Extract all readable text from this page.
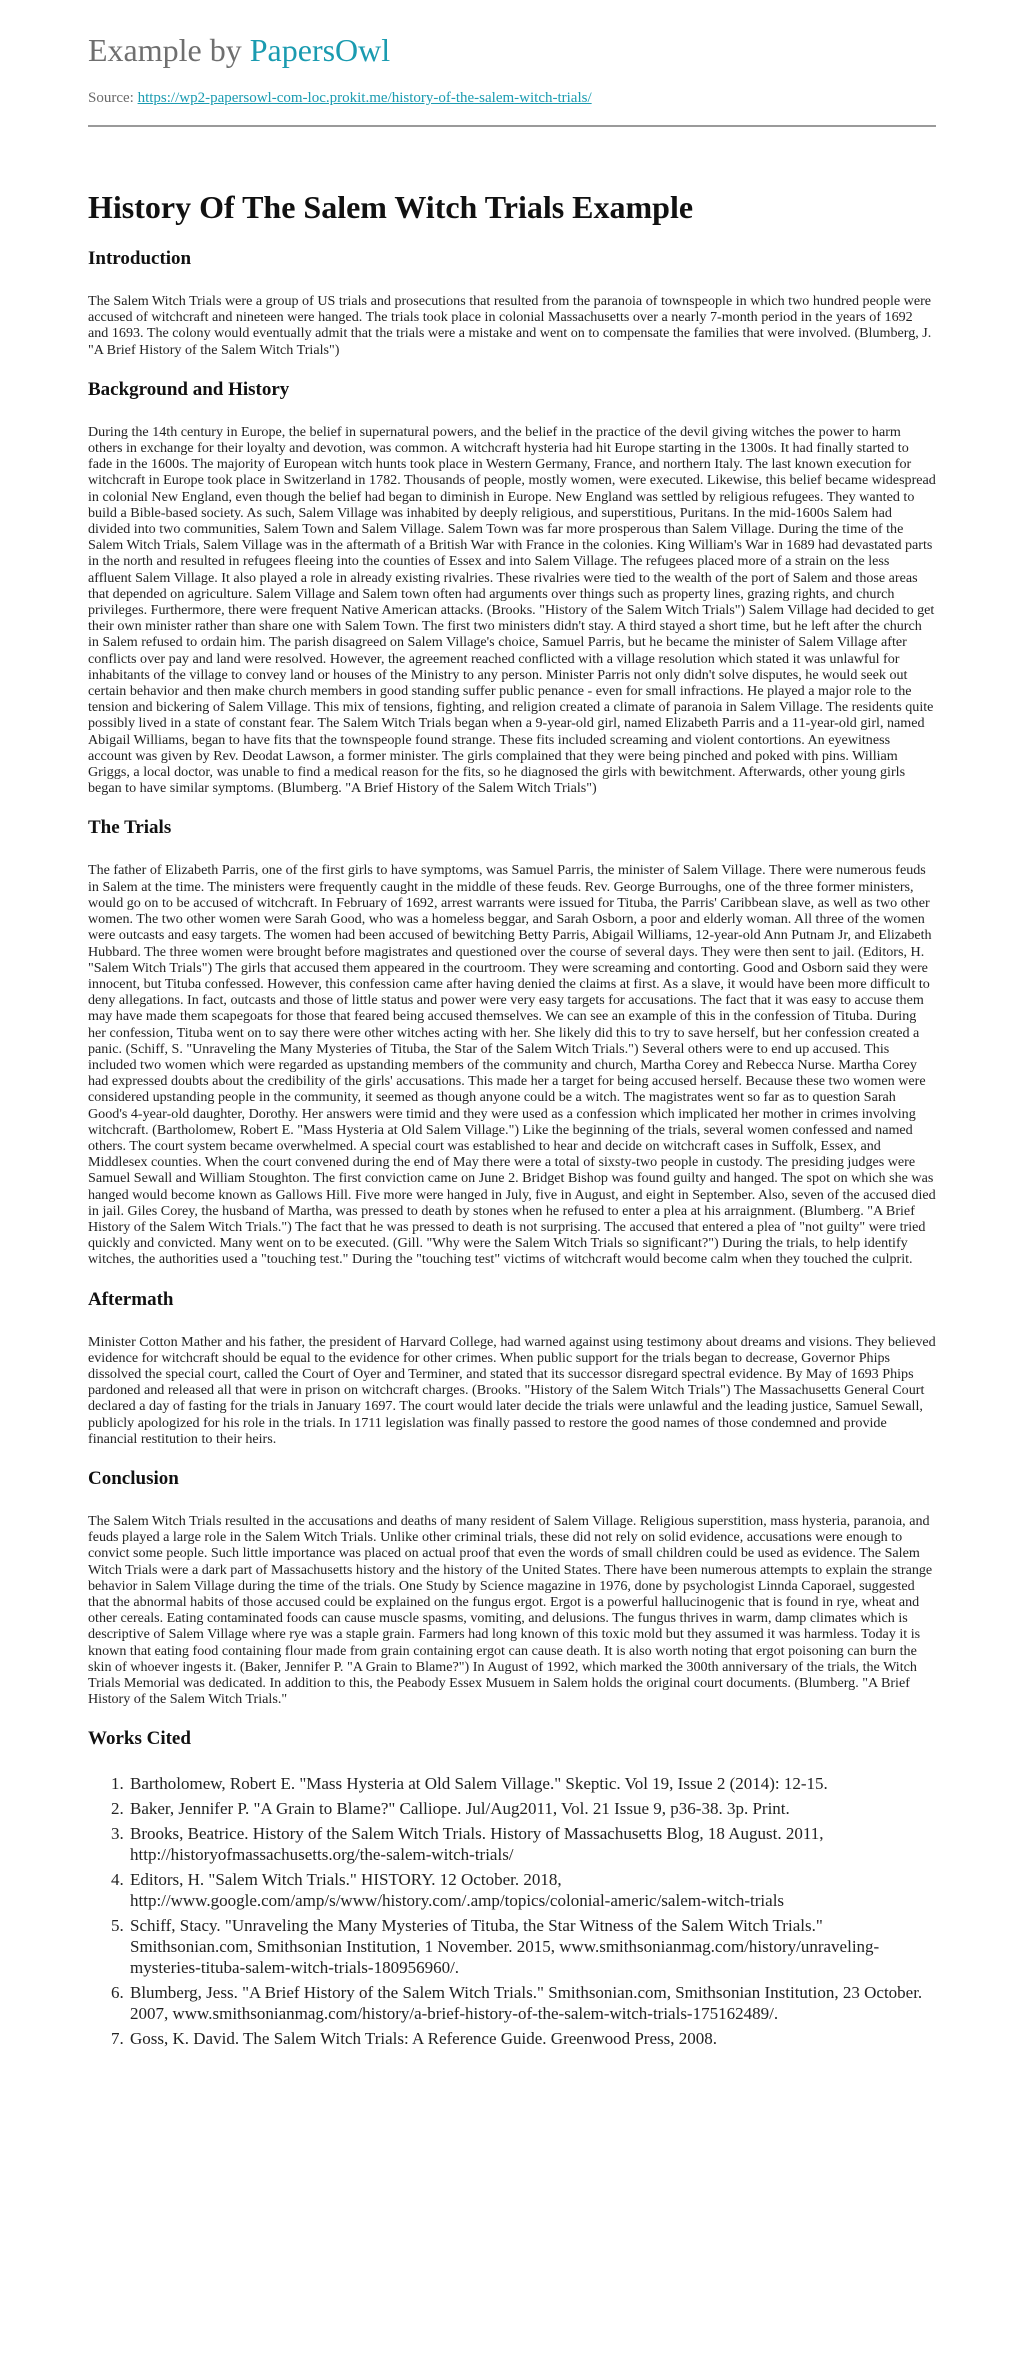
Example by PapersOwl
Source: https://wp2-papersowl-com-loc.prokit.me/history-of-the-salem-witch-trials/
History Of The Salem Witch Trials Example
Introduction

The Salem Witch Trials were a group of US trials and prosecutions that resulted from the paranoia of townspeople in which two hundred people were accused of witchcraft and nineteen were hanged. The trials took place in colonial Massachusetts over a nearly 7-month period in the years of 1692 and 1693. The colony would eventually admit that the trials were a mistake and went on to compensate the families that were involved. (Blumberg, J. "A Brief History of the Salem Witch Trials")

Background and History

During the 14th century in Europe, the belief in supernatural powers, and the belief in the practice of the devil giving witches the power to harm others in exchange for their loyalty and devotion, was common. A witchcraft hysteria had hit Europe starting in the 1300s. It had finally started to fade in the 1600s. The majority of European witch hunts took place in Western Germany, France, and northern Italy. The last known execution for witchcraft in Europe took place in Switzerland in 1782. Thousands of people, mostly women, were executed. Likewise, this belief became widespread in colonial New England, even though the belief had began to diminish in Europe. New England was settled by religious refugees. They wanted to build a Bible-based society. As such, Salem Village was inhabited by deeply religious, and superstitious, Puritans. In the mid-1600s Salem had divided into two communities, Salem Town and Salem Village. Salem Town was far more prosperous than Salem Village. During the time of the Salem Witch Trials, Salem Village was in the aftermath of a British War with France in the colonies. King William's War in 1689 had devastated parts in the north and resulted in refugees fleeing into the counties of Essex and into Salem Village. The refugees placed more of a strain on the less affluent Salem Village. It also played a role in already existing rivalries. These rivalries were tied to the wealth of the port of Salem and those areas that depended on agriculture. Salem Village and Salem town often had arguments over things such as property lines, grazing rights, and church privileges. Furthermore, there were frequent Native American attacks. (Brooks. "History of the Salem Witch Trials") Salem Village had decided to get their own minister rather than share one with Salem Town. The first two ministers didn't stay. A third stayed a short time, but he left after the church in Salem refused to ordain him. The parish disagreed on Salem Village's choice, Samuel Parris, but he became the minister of Salem Village after conflicts over pay and land were resolved. However, the agreement reached conflicted with a village resolution which stated it was unlawful for inhabitants of the village to convey land or houses of the Ministry to any person. Minister Parris not only didn't solve disputes, he would seek out certain behavior and then make church members in good standing suffer public penance - even for small infractions. He played a major role to the tension and bickering of Salem Village. This mix of tensions, fighting, and religion created a climate of paranoia in Salem Village. The residents quite possibly lived in a state of constant fear. The Salem Witch Trials began when a 9-year-old girl, named Elizabeth Parris and a 11-year-old girl, named Abigail Williams, began to have fits that the townspeople found strange. These fits included screaming and violent contortions. An eyewitness account was given by Rev. Deodat Lawson, a former minister. The girls complained that they were being pinched and poked with pins. William Griggs, a local doctor, was unable to find a medical reason for the fits, so he diagnosed the girls with bewitchment. Afterwards, other young girls began to have similar symptoms. (Blumberg. "A Brief History of the Salem Witch Trials")

The Trials

The father of Elizabeth Parris, one of the first girls to have symptoms, was Samuel Parris, the minister of Salem Village. There were numerous feuds in Salem at the time. The ministers were frequently caught in the middle of these feuds. Rev. George Burroughs, one of the three former ministers, would go on to be accused of witchcraft. In February of 1692, arrest warrants were issued for Tituba, the Parris' Caribbean slave, as well as two other women. The two other women were Sarah Good, who was a homeless beggar, and Sarah Osborn, a poor and elderly woman. All three of the women were outcasts and easy targets. The women had been accused of bewitching Betty Parris, Abigail Williams, 12-year-old Ann Putnam Jr, and Elizabeth Hubbard. The three women were brought before magistrates and questioned over the course of several days. They were then sent to jail. (Editors, H. "Salem Witch Trials") The girls that accused them appeared in the courtroom. They were screaming and contorting. Good and Osborn said they were innocent, but Tituba confessed. However, this confession came after having denied the claims at first. As a slave, it would have been more difficult to deny allegations. In fact, outcasts and those of little status and power were very easy targets for accusations. The fact that it was easy to accuse them may have made them scapegoats for those that feared being accused themselves. We can see an example of this in the confession of Tituba. During her confession, Tituba went on to say there were other witches acting with her. She likely did this to try to save herself, but her confession created a panic. (Schiff, S. "Unraveling the Many Mysteries of Tituba, the Star of the Salem Witch Trials.") Several others were to end up accused. This included two women which were regarded as upstanding members of the community and church, Martha Corey and Rebecca Nurse. Martha Corey had expressed doubts about the credibility of the girls' accusations. This made her a target for being accused herself. Because these two women were considered upstanding people in the community, it seemed as though anyone could be a witch. The magistrates went so far as to question Sarah Good's 4-year-old daughter, Dorothy. Her answers were timid and they were used as a confession which implicated her mother in crimes involving witchcraft. (Bartholomew, Robert E. "Mass Hysteria at Old Salem Village.") Like the beginning of the trials, several women confessed and named others. The court system became overwhelmed. A special court was established to hear and decide on witchcraft cases in Suffolk, Essex, and Middlesex counties. When the court convened during the end of May there were a total of sixsty-two people in custody. The presiding judges were Samuel Sewall and William Stoughton. The first conviction came on June 2. Bridget Bishop was found guilty and hanged. The spot on which she was hanged would become known as Gallows Hill. Five more were hanged in July, five in August, and eight in September. Also, seven of the accused died in jail. Giles Corey, the husband of Martha, was pressed to death by stones when he refused to enter a plea at his arraignment. (Blumberg. "A Brief History of the Salem Witch Trials.") The fact that he was pressed to death is not surprising. The accused that entered a plea of "not guilty" were tried quickly and convicted. Many went on to be executed. (Gill. "Why were the Salem Witch Trials so significant?") During the trials, to help identify witches, the authorities used a "touching test." During the "touching test" victims of witchcraft would become calm when they touched the culprit.

Aftermath

Minister Cotton Mather and his father, the president of Harvard College, had warned against using testimony about dreams and visions. They believed evidence for witchcraft should be equal to the evidence for other crimes. When public support for the trials began to decrease, Governor Phips dissolved the special court, called the Court of Oyer and Terminer, and stated that its successor disregard spectral evidence. By May of 1693 Phips pardoned and released all that were in prison on witchcraft charges. (Brooks. "History of the Salem Witch Trials") The Massachusetts General Court declared a day of fasting for the trials in January 1697. The court would later decide the trials were unlawful and the leading justice, Samuel Sewall, publicly apologized for his role in the trials. In 1711 legislation was finally passed to restore the good names of those condemned and provide financial restitution to their heirs.

Conclusion

The Salem Witch Trials resulted in the accusations and deaths of many resident of Salem Village. Religious superstition, mass hysteria, paranoia, and feuds played a large role in the Salem Witch Trials. Unlike other criminal trials, these did not rely on solid evidence, accusations were enough to convict some people. Such little importance was placed on actual proof that even the words of small children could be used as evidence. The Salem Witch Trials were a dark part of Massachusetts history and the history of the United States. There have been numerous attempts to explain the strange behavior in Salem Village during the time of the trials. One Study by Science magazine in 1976, done by psychologist Linnda Caporael, suggested that the abnormal habits of those accused could be explained on the fungus ergot. Ergot is a powerful hallucinogenic that is found in rye, wheat and other cereals. Eating contaminated foods can cause muscle spasms, vomiting, and delusions. The fungus thrives in warm, damp climates which is descriptive of Salem Village where rye was a staple grain. Farmers had long known of this toxic mold but they assumed it was harmless. Today it is known that eating food containing flour made from grain containing ergot can cause death. It is also worth noting that ergot poisoning can burn the skin of whoever ingests it. (Baker, Jennifer P. "A Grain to Blame?") In August of 1992, which marked the 300th anniversary of the trials, the Witch Trials Memorial was dedicated. In addition to this, the Peabody Essex Musuem in Salem holds the original court documents. (Blumberg. "A Brief History of the Salem Witch Trials."

Works Cited
1. Bartholomew, Robert E. "Mass Hysteria at Old Salem Village." Skeptic. Vol 19, Issue 2 (2014): 12-15.
2. Baker, Jennifer P. "A Grain to Blame?" Calliope. Jul/Aug2011, Vol. 21 Issue 9, p36-38. 3p. Print.
3. Brooks, Beatrice. History of the Salem Witch Trials. History of Massachusetts Blog, 18 August. 2011, http://historyofmassachusetts.org/the-salem-witch-trials/
4. Editors, H. "Salem Witch Trials." HISTORY. 12 October. 2018, http://www.google.com/amp/s/www/history.com/.amp/topics/colonial-americ/salem-witch-trials
5. Schiff, Stacy. "Unraveling the Many Mysteries of Tituba, the Star Witness of the Salem Witch Trials." Smithsonian.com, Smithsonian Institution, 1 November. 2015, www.smithsonianmag.com/history/unraveling-mysteries-tituba-salem-witch-trials-180956960/.
6. Blumberg, Jess. "A Brief History of the Salem Witch Trials." Smithsonian.com, Smithsonian Institution, 23 October. 2007, www.smithsonianmag.com/history/a-brief-history-of-the-salem-witch-trials-175162489/.
7. Goss, K. David. The Salem Witch Trials: A Reference Guide. Greenwood Press, 2008.
